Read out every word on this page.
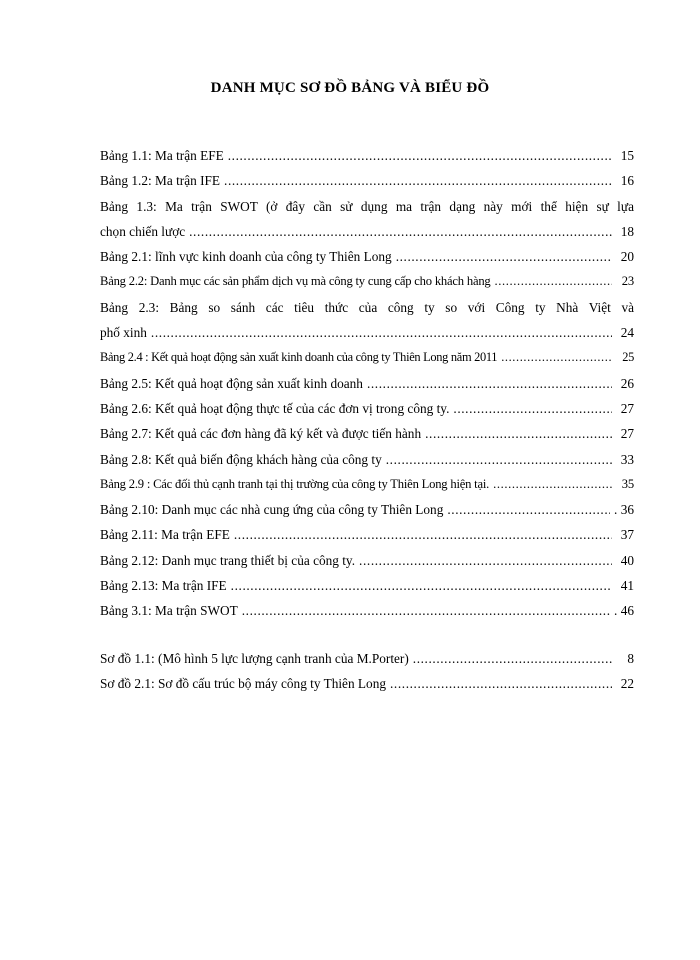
DANH MỤC SƠ ĐỒ BẢNG VÀ BIỂU ĐỒ
Bảng 1.1: Ma trận EFE .....	15
Bảng 1.2: Ma trận IFE .....	16
Bảng 1.3: Ma trận SWOT (ở đây cần sử dụng ma trận dạng này mới thể hiện sự lựa
chọn chiến lược .....	18
Bảng 2.1: lĩnh vực kinh doanh của công ty Thiên Long .....	20
Bảng 2.2: Danh mục các sản phẩm dịch vụ mà công ty cung cấp cho khách hàng .....	23
Bảng 2.3: Bảng so sánh các tiêu thức của công ty so với Công ty Nhà Việt và
phố xinh .....	24
Bảng 2.4 : Kết quả hoạt động sản xuất kinh doanh của công ty Thiên Long năm 2011 .....	25
Bảng 2.5: Kết quả hoạt động sản xuất kinh doanh .....	26
Bảng 2.6: Kết quả hoạt động thực tế của các đơn vị trong công ty. .....	27
Bảng 2.7: Kết quả các đơn hàng đã ký kết và được tiến hành .....	27
Bảng 2.8: Kết quả biến động khách hàng của công ty .....	33
Bảng 2.9 : Các đối thủ cạnh tranh tại thị trường của công ty Thiên Long hiện tại. .....	35
Bảng 2.10: Danh mục các nhà cung ứng của công ty Thiên Long .....	. 36
Bảng 2.11: Ma trận EFE .....	37
Bảng 2.12: Danh mục trang thiết bị của công ty. .....	40
Bảng 2.13: Ma trận IFE .....	41
Bảng 3.1: Ma trận SWOT .....	. 46
Sơ đồ 1.1: (Mô hình 5 lực lượng cạnh tranh của M.Porter) .....	8
Sơ đồ 2.1: Sơ đồ cấu trúc bộ máy công ty Thiên Long .....	22
